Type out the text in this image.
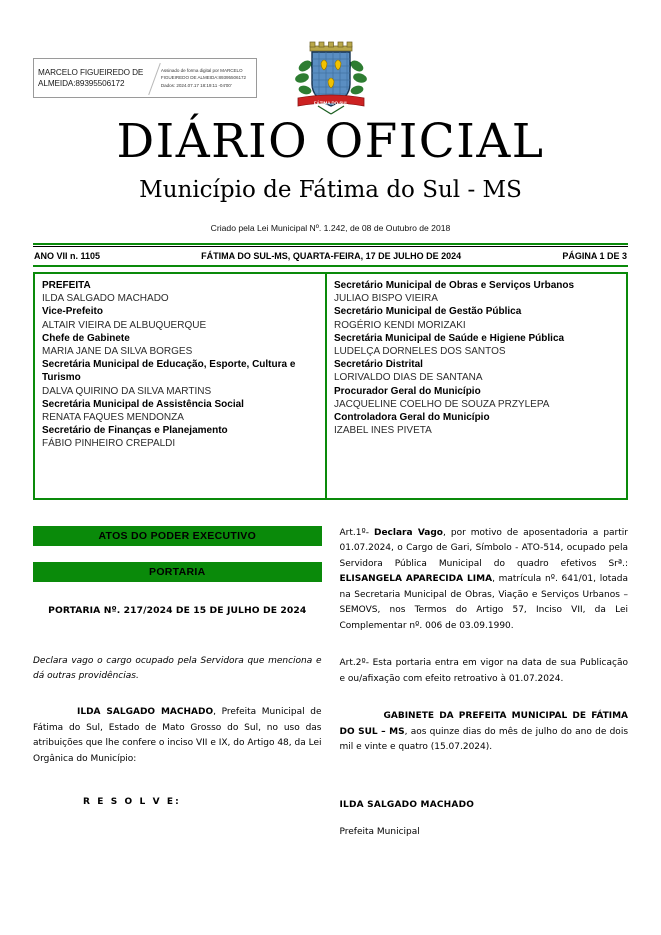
MARCELO FIGUEIREDO DE ALMEIDA:89395506172
Assinado de forma digital por MARCELO
FIGUEIREDO DE ALMEIDA:89395506172
Dados: 2024.07.17 18:19:11 -04'00'
FÁTIMA DO SUL
DIÁRIO OFICIAL
Município de Fátima do Sul - MS
Criado pela Lei Municipal Nº. 1.242, de 08 de Outubro de 2018
ANO VII n. 1105	FÁTIMA DO SUL-MS, QUARTA-FEIRA, 17 DE JULHO DE 2024	PÁGINA 1 DE 3
PREFEITA
ILDA SALGADO MACHADO
Vice-Prefeito
ALTAIR VIEIRA DE ALBUQUERQUE
Chefe de Gabinete
MARIA JANE DA SILVA BORGES
Secretária Municipal de Educação, Esporte, Cultura e Turismo
DALVA QUIRINO DA SILVA MARTINS
Secretária Municipal de Assistência Social
RENATA FAQUES MENDONZA
Secretário de Finanças e Planejamento
FÁBIO PINHEIRO CREPALDI
Secretário Municipal de Obras e Serviços Urbanos
JULIAO BISPO VIEIRA
Secretário Municipal de Gestão Pública
ROGÉRIO KENDI MORIZAKI
Secretária Municipal de Saúde e Higiene Pública
LUDELÇA DORNELES DOS SANTOS
Secretário Distrital
LORIVALDO DIAS DE SANTANA
Procurador Geral do Município
JACQUELINE COELHO DE SOUZA PRZYLEPA
Controladora Geral do Município
IZABEL INES PIVETA
ATOS DO PODER EXECUTIVO
PORTARIA
PORTARIA Nº. 217/2024 DE 15 DE JULHO DE 2024
Declara vago o cargo ocupado pela Servidora que menciona e dá outras providências.
ILDA SALGADO MACHADO, Prefeita Municipal de Fátima do Sul, Estado de Mato Grosso do Sul, no uso das atribuições que lhe confere o inciso VII e IX, do Artigo 48, da Lei Orgânica do Município:
R E S O L V E:
Art.1º- Declara Vago, por motivo de aposentadoria a partir 01.07.2024, o Cargo de Gari, Símbolo - ATO-514, ocupado pela Servidora Pública Municipal do quadro efetivos Srª.: ELISANGELA APARECIDA LIMA, matrícula nº. 641/01, lotada na Secretaria Municipal de Obras, Viação e Serviços Urbanos – SEMOVS, nos Termos do Artigo 57, Inciso VII, da Lei Complementar nº. 006 de 03.09.1990.
Art.2º- Esta portaria entra em vigor na data de sua Publicação e ou/afixação com efeito retroativo à 01.07.2024.
GABINETE DA PREFEITA MUNICIPAL DE FÁTIMA DO SUL – MS, aos quinze dias do mês de julho do ano de dois mil e vinte e quatro (15.07.2024).
ILDA SALGADO MACHADO
Prefeita Municipal
